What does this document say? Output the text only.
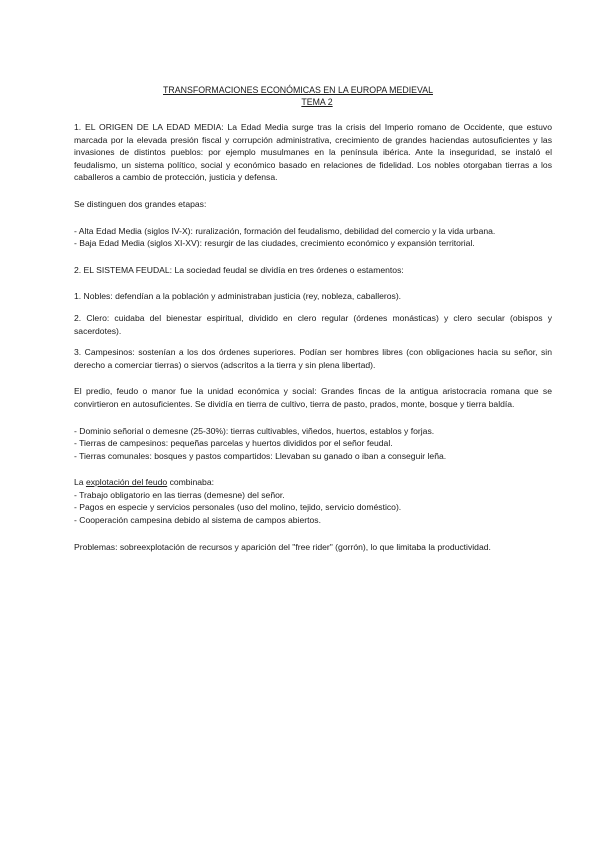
TRANSFORMACIONES ECONÓMICAS EN LA EUROPA MEDIEVAL
TEMA 2

1. EL ORIGEN DE LA EDAD MEDIA: La Edad Media surge tras la crisis del Imperio romano de Occidente, que estuvo marcada por la elevada presión fiscal y corrupción administrativa, crecimiento de grandes haciendas autosuficientes y las invasiones de distintos pueblos: por ejemplo musulmanes en la península ibérica. Ante la inseguridad, se instaló el feudalismo, un sistema político, social y económico basado en relaciones de fidelidad. Los nobles otorgaban tierras a los caballeros a cambio de protección, justicia y defensa.

Se distinguen dos grandes etapas:

- Alta Edad Media (siglos IV-X): ruralización, formación del feudalismo, debilidad del comercio y la vida urbana.

- Baja Edad Media (siglos XI-XV): resurgir de las ciudades, crecimiento económico y expansión territorial.

2. EL SISTEMA FEUDAL: La sociedad feudal se dividía en tres órdenes o estamentos:

1. Nobles: defendían a la población y administraban justicia (rey, nobleza, caballeros).

2. Clero: cuidaba del bienestar espiritual, dividido en clero regular (órdenes monásticas) y clero secular (obispos y sacerdotes).

3. Campesinos: sostenían a los dos órdenes superiores. Podían ser hombres libres (con obligaciones hacia su señor, sin derecho a comerciar tierras) o siervos (adscritos a la tierra y sin plena libertad).

El predio, feudo o manor fue la unidad económica y social: Grandes fincas de la antigua aristocracia romana que se convirtieron en autosuficientes. Se dividía en tierra de cultivo, tierra de pasto, prados, monte, bosque y tierra baldía.

- Dominio señorial o demesne (25-30%): tierras cultivables, viñedos, huertos, establos y forjas.

- Tierras de campesinos: pequeñas parcelas y huertos divididos por el señor feudal.

- Tierras comunales: bosques y pastos compartidos: Llevaban su ganado o iban a conseguir leña.

La explotación del feudo combinaba:

- Trabajo obligatorio en las tierras (demesne) del señor.

- Pagos en especie y servicios personales (uso del molino, tejido, servicio doméstico).

- Cooperación campesina debido al sistema de campos abiertos.

Problemas: sobreexplotación de recursos y aparición del "free rider" (gorrón), lo que limitaba la productividad.
